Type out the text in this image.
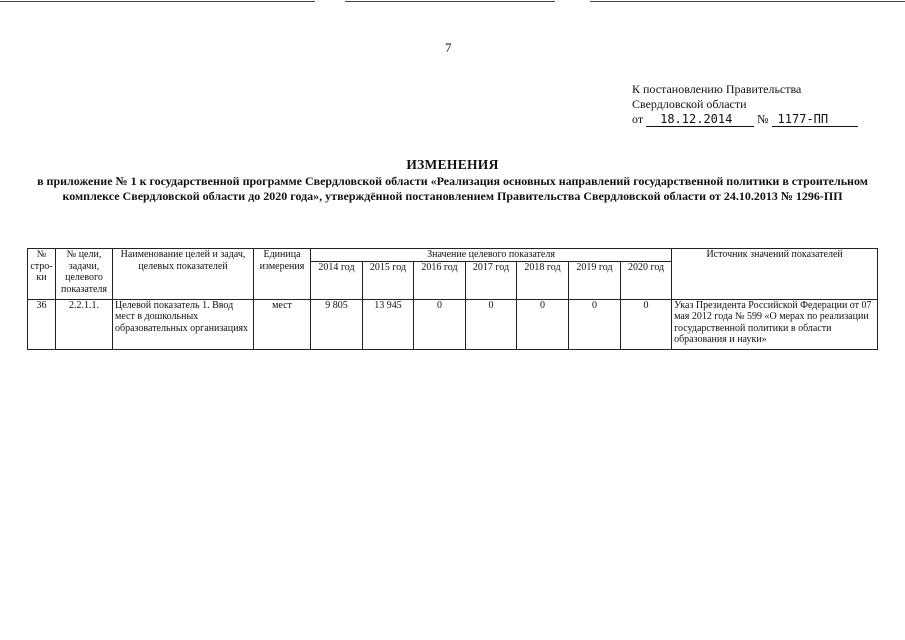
7
К постановлению Правительства
Свердловской области
от 18.12.2014 № 1177-ПП
ИЗМЕНЕНИЯ
в приложение № 1 к государственной программе Свердловской области «Реализация основных направлений государственной политики в строительном комплексе Свердловской области до 2020 года», утверждённой постановлением Правительства Свердловской области от 24.10.2013 № 1296-ПП
№ стро-ки	№ цели, задачи, целевого показателя	Наименование целей и задач, целевых показателей	Единица измерения	Значение целевого показателя							Источник значений показателей
				2014 год	2015 год	2016 год	2017 год	2018 год	2019 год	2020 год	
36	2.2.1.1.	Целевой показатель 1. Ввод мест в дошкольных образовательных организациях	мест	9 805	13 945	0	0	0	0	0	Указ Президента Российской Федерации от 07 мая 2012 года № 599 «О мерах по реализации государственной политики в области образования и науки»
